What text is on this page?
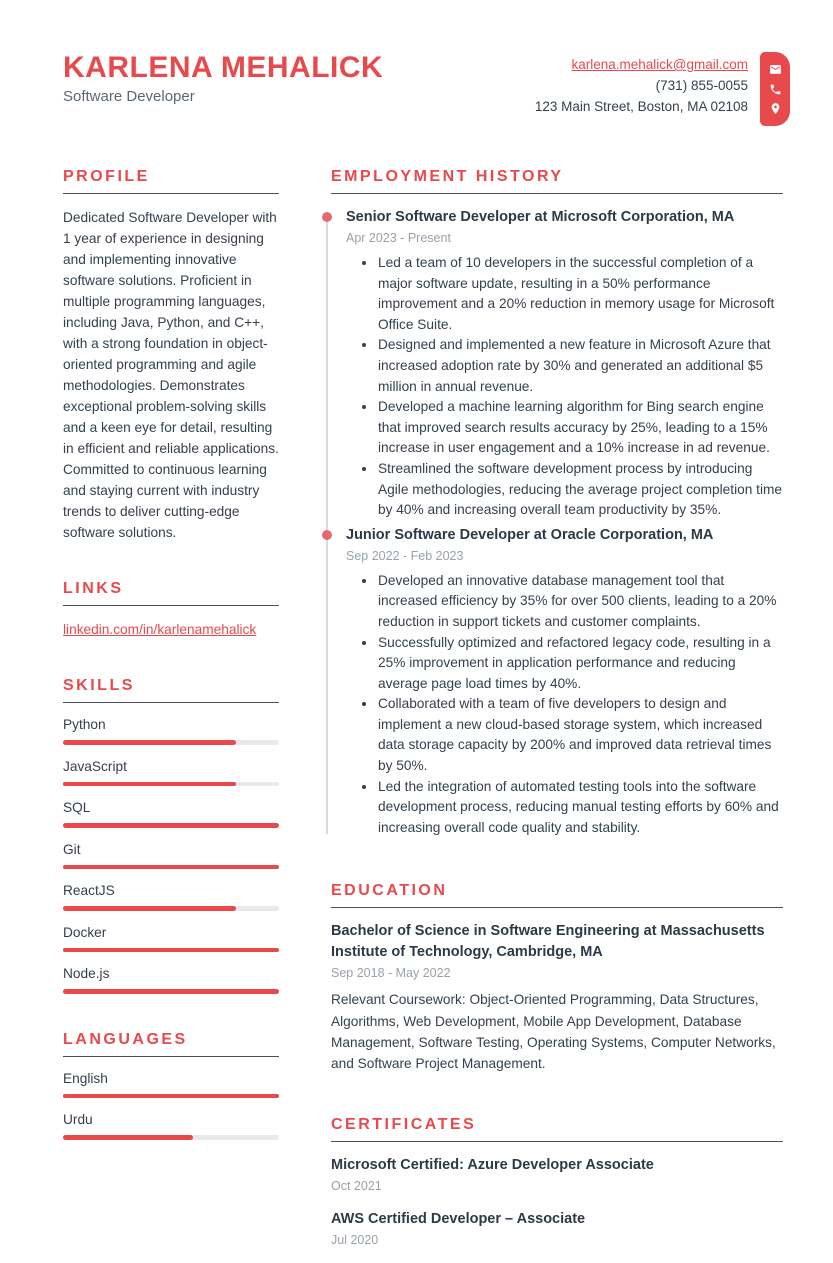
KARLENA MEHALICK
Software Developer
karlena.mehalick@gmail.com
(731) 855-0055
123 Main Street, Boston, MA 02108
PROFILE

Dedicated Software Developer with 1 year of experience in designing and implementing innovative software solutions. Proficient in multiple programming languages, including Java, Python, and C++, with a strong foundation in object-oriented programming and agile methodologies. Demonstrates exceptional problem-solving skills and a keen eye for detail, resulting in efficient and reliable applications. Committed to continuous learning and staying current with industry trends to deliver cutting-edge software solutions.

LINKS
linkedin.com/in/karlenamehalick
SKILLS
Python
JavaScript
SQL
Git
ReactJS
Docker
Node.js
LANGUAGES
English
Urdu
EMPLOYMENT HISTORY
Senior Software Developer at Microsoft Corporation, MA
Apr 2023 - Present
• Led a team of 10 developers in the successful completion of a major software update, resulting in a 50% performance improvement and a 20% reduction in memory usage for Microsoft Office Suite.
• Designed and implemented a new feature in Microsoft Azure that increased adoption rate by 30% and generated an additional $5 million in annual revenue.
• Developed a machine learning algorithm for Bing search engine that improved search results accuracy by 25%, leading to a 15% increase in user engagement and a 10% increase in ad revenue.
• Streamlined the software development process by introducing Agile methodologies, reducing the average project completion time by 40% and increasing overall team productivity by 35%.
Junior Software Developer at Oracle Corporation, MA
Sep 2022 - Feb 2023
• Developed an innovative database management tool that increased efficiency by 35% for over 500 clients, leading to a 20% reduction in support tickets and customer complaints.
• Successfully optimized and refactored legacy code, resulting in a 25% improvement in application performance and reducing average page load times by 40%.
• Collaborated with a team of five developers to design and implement a new cloud-based storage system, which increased data storage capacity by 200% and improved data retrieval times by 50%.
• Led the integration of automated testing tools into the software development process, reducing manual testing efforts by 60% and increasing overall code quality and stability.
EDUCATION
Bachelor of Science in Software Engineering at Massachusetts Institute of Technology, Cambridge, MA
Sep 2018 - May 2022

Relevant Coursework: Object-Oriented Programming, Data Structures, Algorithms, Web Development, Mobile App Development, Database Management, Software Testing, Operating Systems, Computer Networks, and Software Project Management.

CERTIFICATES
Microsoft Certified: Azure Developer Associate
Oct 2021
AWS Certified Developer – Associate
Jul 2020
